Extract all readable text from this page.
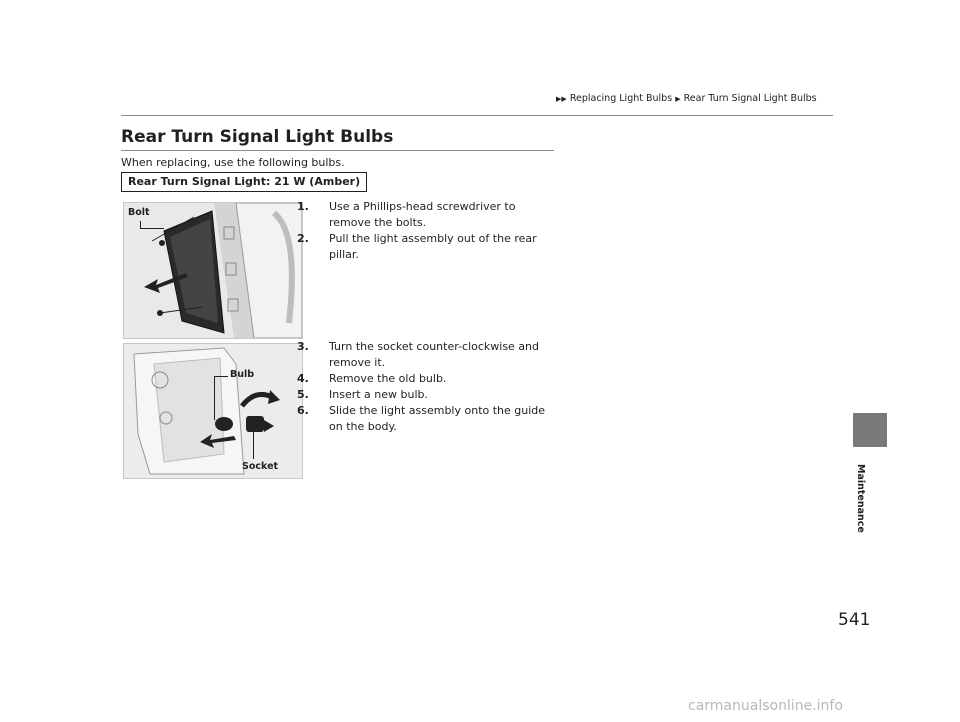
▶▶ Replacing Light Bulbs ▶ Rear Turn Signal Light Bulbs
Rear Turn Signal Light Bulbs
When replacing, use the following bulbs.
Rear Turn Signal Light: 21 W (Amber)
Bolt
Bulb
Socket
1. Use a Phillips-head screwdriver to remove the bolts.
2. Pull the light assembly out of the rear pillar.
3. Turn the socket counter-clockwise and remove it.
4. Remove the old bulb.
5. Insert a new bulb.
6. Slide the light assembly onto the guide on the body.
Maintenance
541
carmanualsonline.info
